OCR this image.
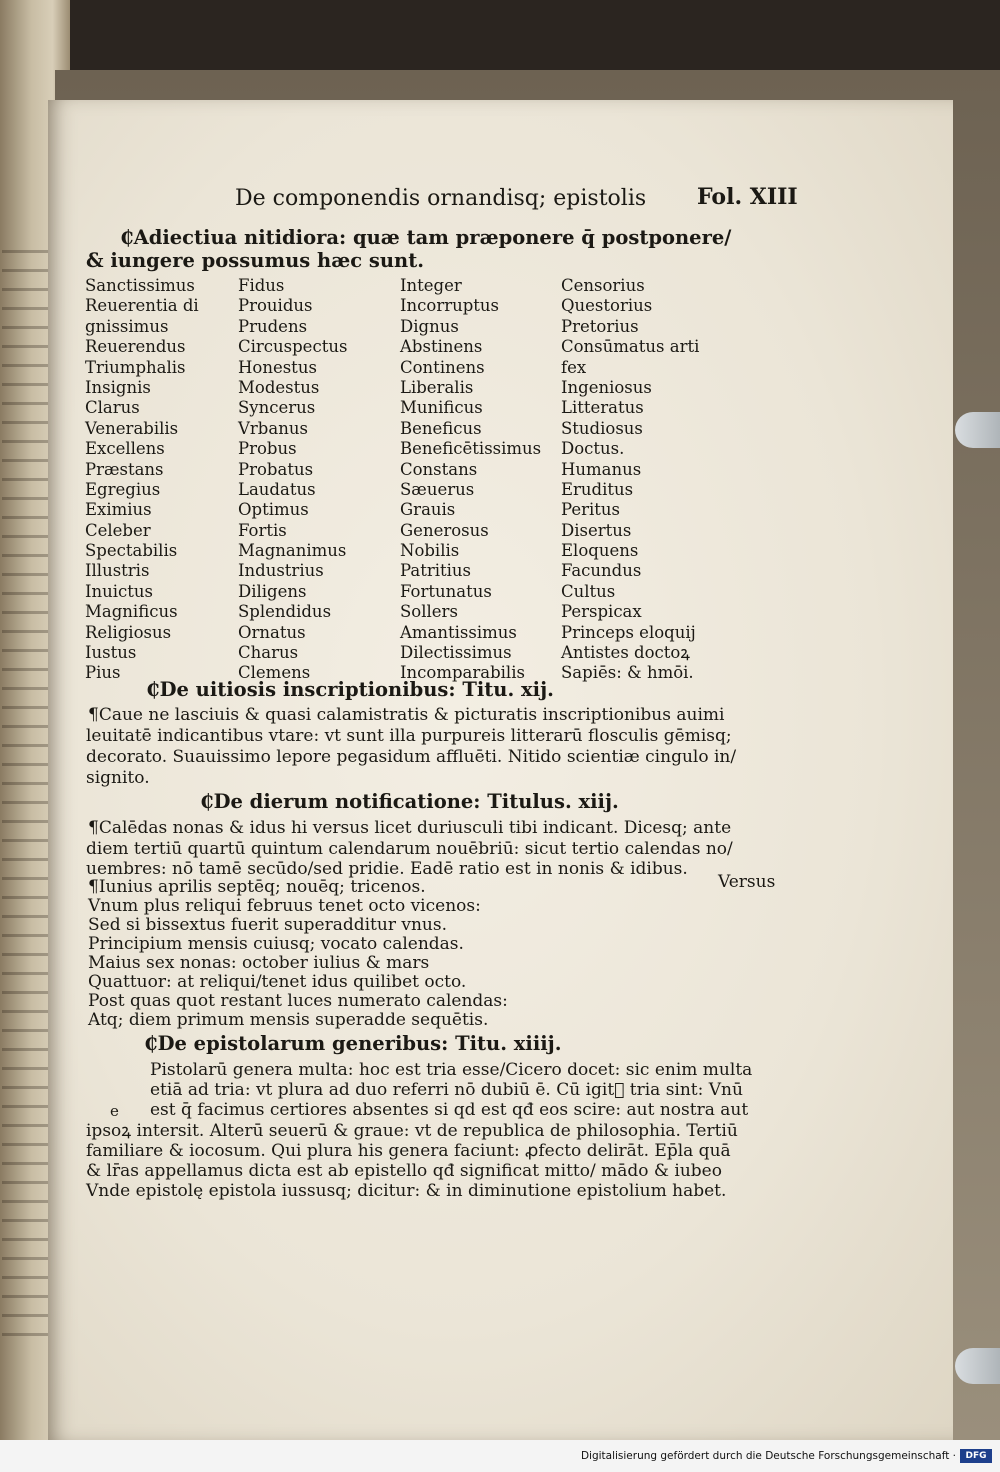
De componendis ornandisq; epistolis Fol. XIII
₵Adiectiua nitidiora: quæ tam præponere q̄ postponere/
& iungere possumus hæc sunt.
Sanctissimus
Reuerentia di
gnissimus
Reuerendus
Triumphalis
Insignis
Clarus
Venerabilis
Excellens
Præstans
Egregius
Eximius
Celeber
Spectabilis
Illustris
Inuictus
Magnificus
Religiosus
Iustus
Pius
Fidus
Prouidus
Prudens
Circuspectus
Honestus
Modestus
Syncerus
Vrbanus
Probus
Probatus
Laudatus
Optimus
Fortis
Magnanimus
Industrius
Diligens
Splendidus
Ornatus
Charus
Clemens
Integer
Incorruptus
Dignus
Abstinens
Continens
Liberalis
Munificus
Beneficus
Beneficētissimus
Constans
Sæuerus
Grauis
Generosus
Nobilis
Patritius
Fortunatus
Sollers
Amantissimus
Dilectissimus
Incomparabilis
Censorius
Questorius
Pretorius
Consūmatus arti
fex
Ingeniosus
Litteratus
Studiosus
Doctus.
Humanus
Eruditus
Peritus
Disertus
Eloquens
Facundus
Cultus
Perspicax
Princeps eloquij
Antistes doctoꝝ
Sapiēs: & hmōi.
₵De uitiosis inscriptionibus: Titu. xij.
¶Caue ne lasciuis & quasi calamistratis & picturatis inscriptionibus auimi
leuitatē indicantibus vtare: vt sunt illa purpureis litterarū flosculis gēmisq;
decorato. Suauissimo lepore pegasidum affluēti. Nitido scientiæ cingulo in/
signito.
₵De dierum notificatione: Titulus. xiij.
¶Calēdas nonas & idus hi versus licet duriusculi tibi indicant. Dicesq; ante
diem tertiū quartū quintum calendarum nouēbriū: sicut tertio calendas no/
uembres: nō tamē secūdo/sed pridie. Eadē ratio est in nonis & idibus.
¶Iunius aprilis septēq; nouēq; tricenos.
Vnum plus reliqui februus tenet octo vicenos:
Sed si bissextus fuerit superadditur vnus.
Principium mensis cuiusq; vocato calendas.
Maius sex nonas: october iulius & mars
Quattuor: at reliqui/tenet idus quilibet octo.
Post quas quot restant luces numerato calendas:
Atq; diem primum mensis superadde sequētis.
Versus
₵De epistolarum generibus: Titu. xiiij.
Pistolarū genera multa: hoc est tria esse/Cicero docet: sic enim multa
etiā ad tria: vt plura ad duo referri nō dubiū ē. Cū igitᷓ tria sint: Vnū
e est q̄ facimus certiores absentes si qd est qđ eos scire: aut nostra aut
ipsoꝝ intersit. Alterū seuerū & graue: vt de republica de philosophia. Tertiū
familiare & iocosum. Qui plura his genera faciunt: ꝓfecto delirāt. Ep̄la quā
& lr̄as appellamus dicta est ab epistello qđ significat mitto/ mādo & iubeo
Vnde epistolę epistola iussusq; dicitur: & in diminutione epistolium habet.
Digitalisierung gefördert durch die Deutsche Forschungsgemeinschaft ·	DFG
